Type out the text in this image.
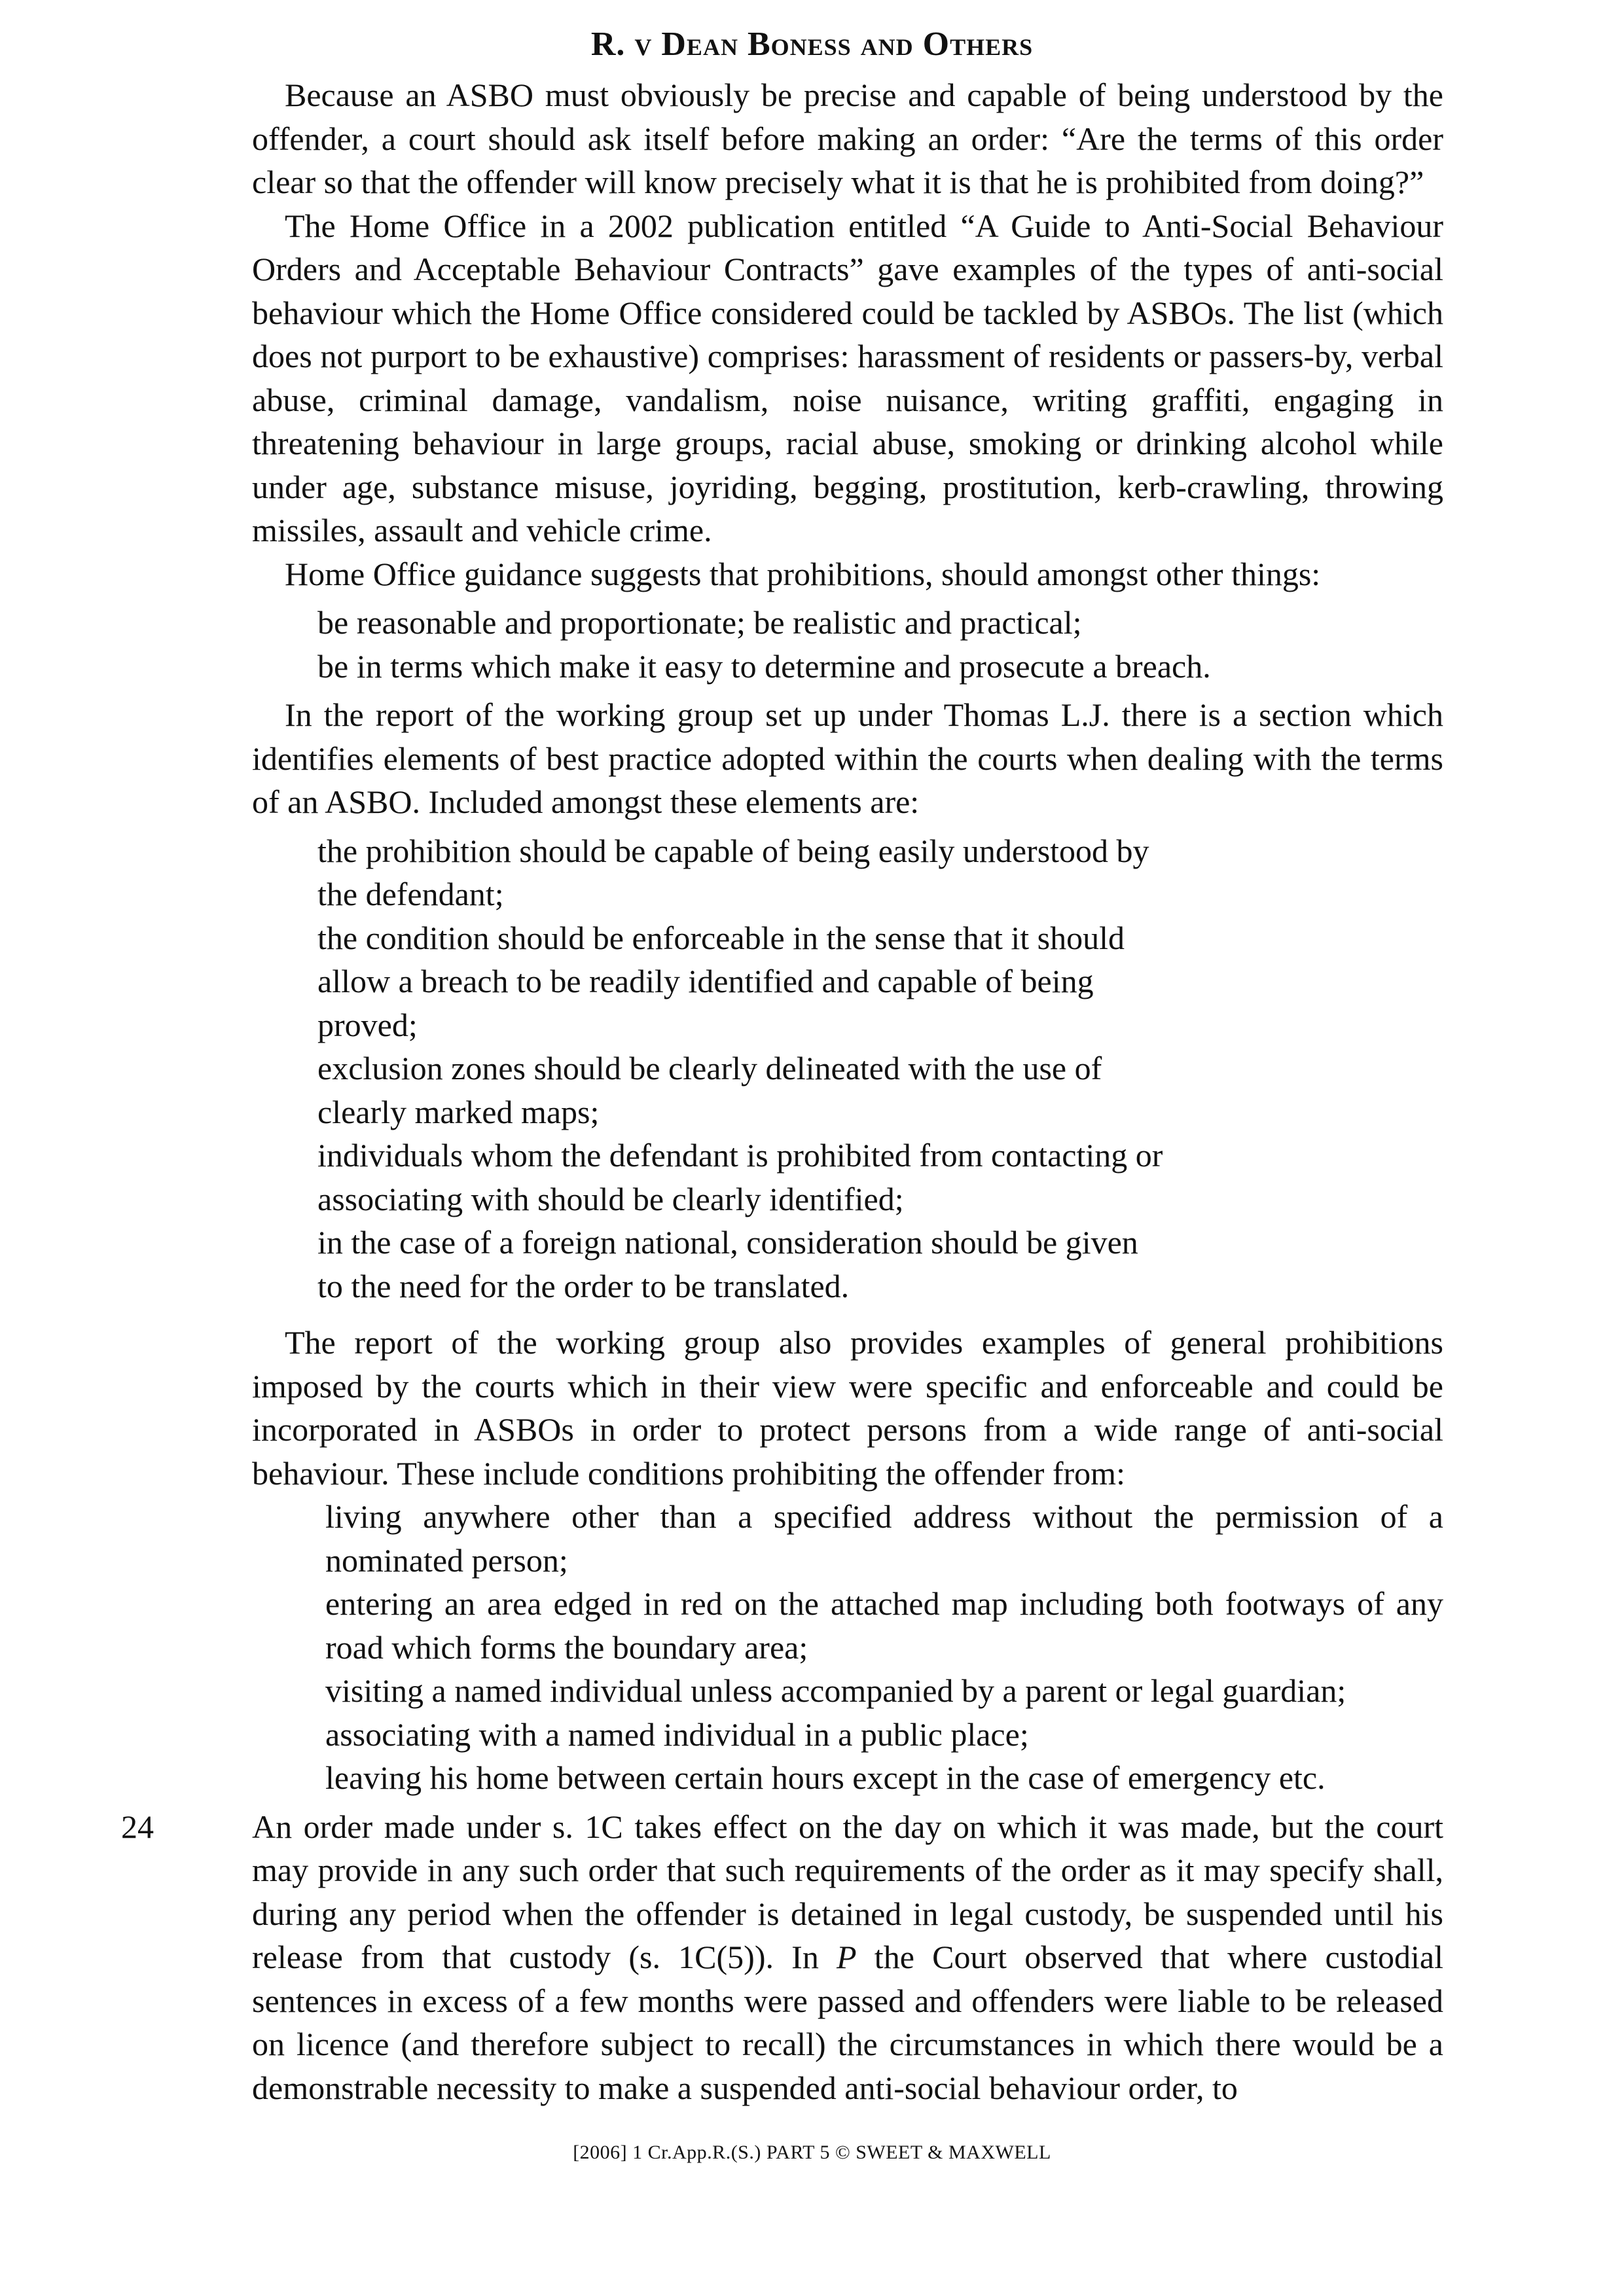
R. v Dean Boness and Others

Because an ASBO must obviously be precise and capable of being understood by the offender, a court should ask itself before making an order: “Are the terms of this order clear so that the offender will know precisely what it is that he is prohibited from doing?”

The Home Office in a 2002 publication entitled “A Guide to Anti-Social Behaviour Orders and Acceptable Behaviour Contracts” gave examples of the types of anti-social behaviour which the Home Office considered could be tackled by ASBOs. The list (which does not purport to be exhaustive) comprises: harassment of residents or passers-by, verbal abuse, criminal damage, vandalism, noise nuisance, writing graffiti, engaging in threatening behaviour in large groups, racial abuse, smoking or drinking alcohol while under age, substance misuse, joyriding, begging, prostitution, kerb-crawling, throwing missiles, assault and vehicle crime.

Home Office guidance suggests that prohibitions, should amongst other things:

be reasonable and proportionate; be realistic and practical;
be in terms which make it easy to determine and prosecute a breach.

In the report of the working group set up under Thomas L.J. there is a section which identifies elements of best practice adopted within the courts when dealing with the terms of an ASBO. Included amongst these elements are:

the prohibition should be capable of being easily understood by the defendant;
the condition should be enforceable in the sense that it should allow a breach to be readily identified and capable of being proved;
exclusion zones should be clearly delineated with the use of clearly marked maps;
individuals whom the defendant is prohibited from contacting or associating with should be clearly identified;
in the case of a foreign national, consideration should be given to the need for the order to be translated.

The report of the working group also provides examples of general prohibitions imposed by the courts which in their view were specific and enforceable and could be incorporated in ASBOs in order to protect persons from a wide range of anti-social behaviour. These include conditions prohibiting the offender from:

living anywhere other than a specified address without the permission of a nominated person;
entering an area edged in red on the attached map including both footways of any road which forms the boundary area;
visiting a named individual unless accompanied by a parent or legal guardian;
associating with a named individual in a public place;
leaving his home between certain hours except in the case of emergency etc.

24	An order made under s. 1C takes effect on the day on which it was made, but the court may provide in any such order that such requirements of the order as it may specify shall, during any period when the offender is detained in legal custody, be suspended until his release from that custody (s. 1C(5)). In P the Court observed that where custodial sentences in excess of a few months were passed and offenders were liable to be released on licence (and therefore subject to recall) the circumstances in which there would be a demonstrable necessity to make a suspended anti-social behaviour order, to

[2006] 1 Cr.App.R.(S.) PART 5 © SWEET & MAXWELL
